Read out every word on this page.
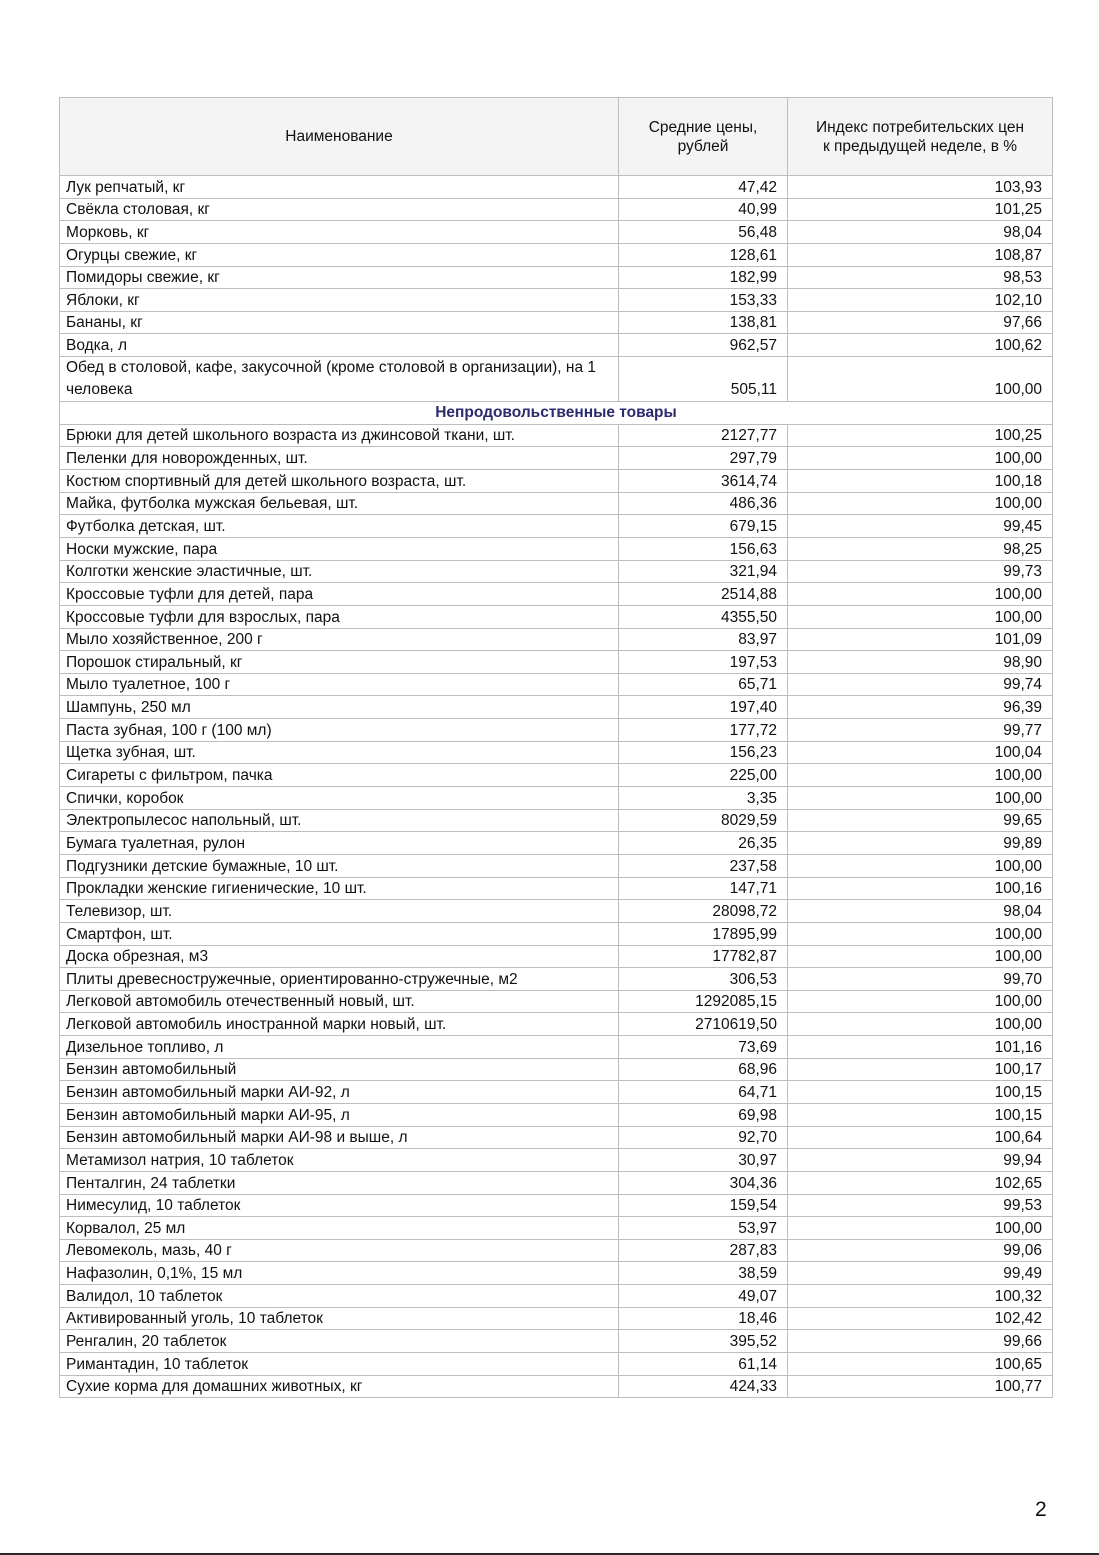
Наименование	Средние цены, рублей	Индекс потребительских цен к предыдущей неделе, в %
Лук репчатый, кг	47,42	103,93
Свёкла столовая, кг	40,99	101,25
Морковь, кг	56,48	98,04
Огурцы свежие, кг	128,61	108,87
Помидоры свежие, кг	182,99	98,53
Яблоки, кг	153,33	102,10
Бананы, кг	138,81	97,66
Водка, л	962,57	100,62
Обед в столовой, кафе, закусочной (кроме столовой в организации), на 1 человека	505,11	100,00
Непродовольственные товары		
Брюки для детей школьного возраста из джинсовой ткани, шт.	2127,77	100,25
Пеленки для новорожденных, шт.	297,79	100,00
Костюм спортивный для детей школьного возраста, шт.	3614,74	100,18
Майка, футболка мужская бельевая, шт.	486,36	100,00
Футболка детская, шт.	679,15	99,45
Носки мужские, пара	156,63	98,25
Колготки женские эластичные, шт.	321,94	99,73
Кроссовые туфли для детей, пара	2514,88	100,00
Кроссовые туфли для взрослых, пара	4355,50	100,00
Мыло хозяйственное, 200 г	83,97	101,09
Порошок стиральный, кг	197,53	98,90
Мыло туалетное, 100 г	65,71	99,74
Шампунь, 250 мл	197,40	96,39
Паста зубная, 100 г (100 мл)	177,72	99,77
Щетка зубная, шт.	156,23	100,04
Сигареты с фильтром, пачка	225,00	100,00
Спички, коробок	3,35	100,00
Электропылесос напольный, шт.	8029,59	99,65
Бумага туалетная, рулон	26,35	99,89
Подгузники детские бумажные, 10 шт.	237,58	100,00
Прокладки женские гигиенические, 10 шт.	147,71	100,16
Телевизор, шт.	28098,72	98,04
Смартфон, шт.	17895,99	100,00
Доска обрезная, м3	17782,87	100,00
Плиты древесностружечные, ориентированно-стружечные, м2	306,53	99,70
Легковой автомобиль отечественный новый, шт.	1292085,15	100,00
Легковой автомобиль иностранной марки новый, шт.	2710619,50	100,00
Дизельное топливо, л	73,69	101,16
Бензин автомобильный	68,96	100,17
Бензин автомобильный марки АИ-92, л	64,71	100,15
Бензин автомобильный марки АИ-95, л	69,98	100,15
Бензин автомобильный марки АИ-98 и выше, л	92,70	100,64
Метамизол натрия, 10 таблеток	30,97	99,94
Пенталгин, 24 таблетки	304,36	102,65
Нимесулид, 10 таблеток	159,54	99,53
Корвалол, 25 мл	53,97	100,00
Левомеколь, мазь, 40 г	287,83	99,06
Нафазолин, 0,1%, 15 мл	38,59	99,49
Валидол, 10 таблеток	49,07	100,32
Активированный уголь, 10 таблеток	18,46	102,42
Ренгалин, 20 таблеток	395,52	99,66
Римантадин, 10 таблеток	61,14	100,65
Сухие корма для домашних животных, кг	424,33	100,77
2
